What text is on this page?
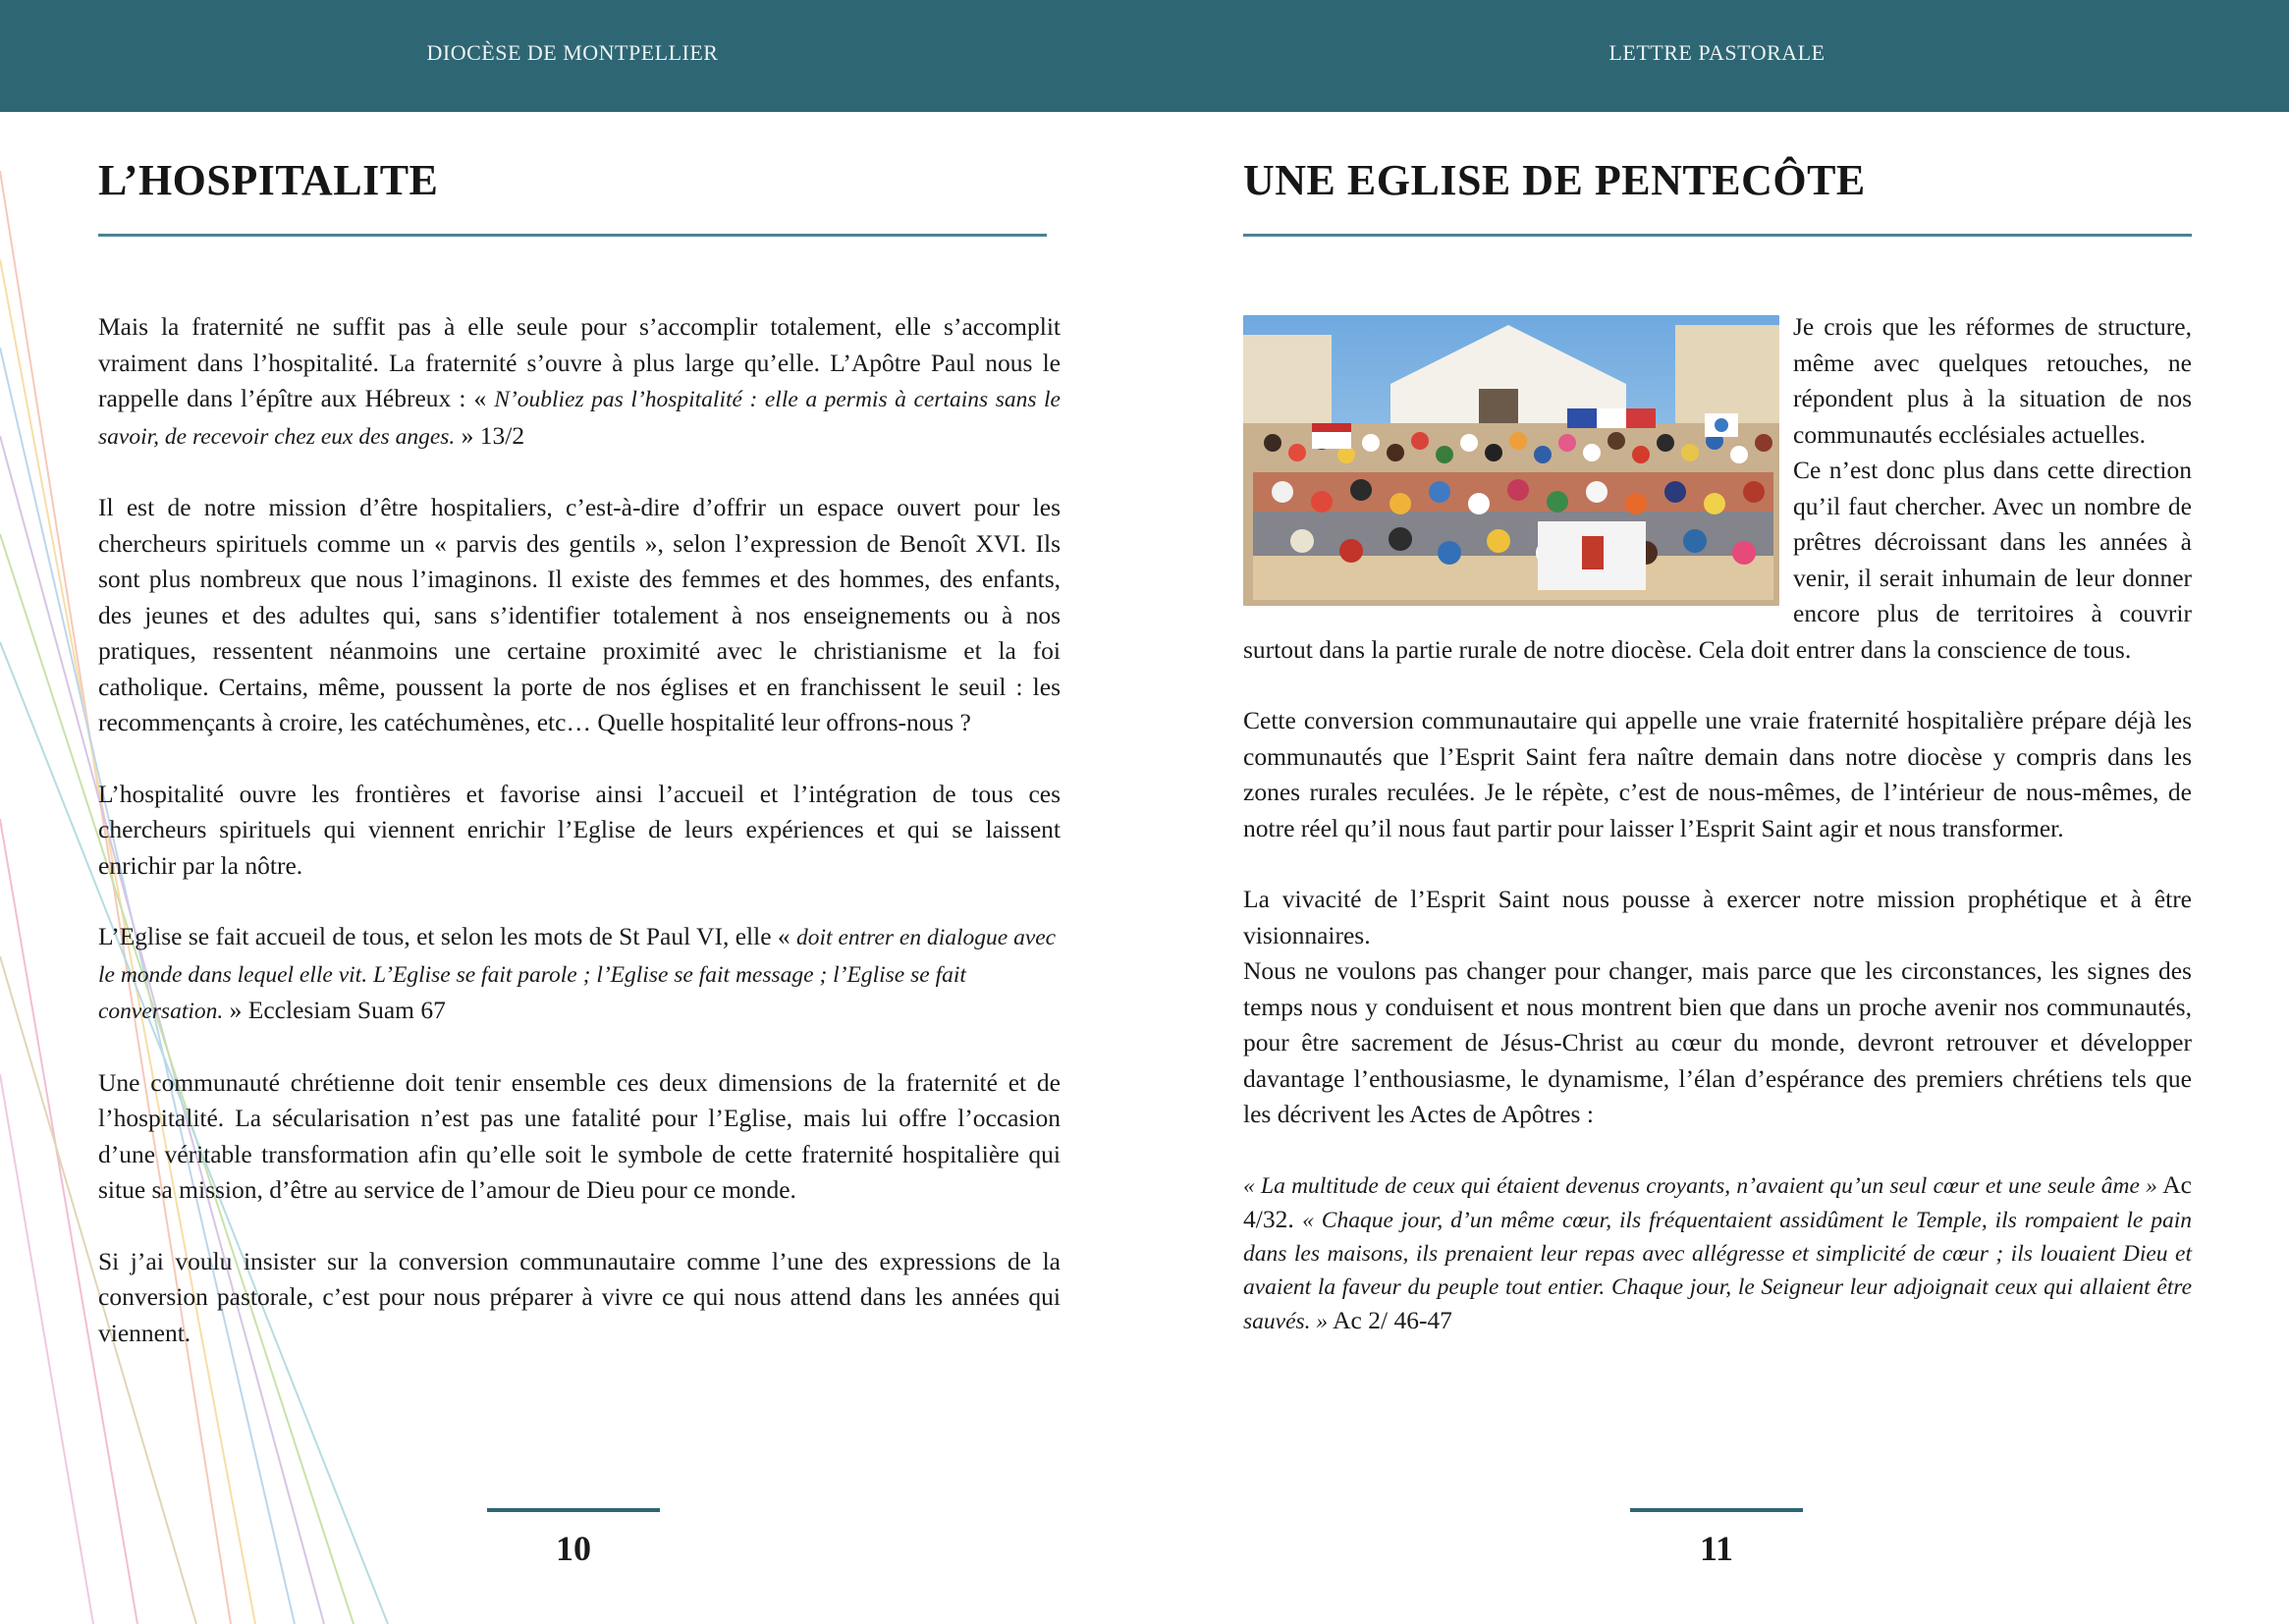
DIOCÈSE DE MONTPELLIER
L’HOSPITALITE

Mais la fraternité ne suffit pas à elle seule pour s’accomplir totalement, elle s’accomplit vraiment dans l’hospitalité. La fraternité s’ouvre à plus large qu’elle. L’Apôtre Paul nous le rappelle dans l’épître aux Hébreux : « N’oubliez pas l’hospitalité : elle a permis à certains sans le savoir, de recevoir chez eux des anges. » 13/2

Il est de notre mission d’être hospitaliers, c’est-à-dire d’offrir un espace ouvert pour les chercheurs spirituels comme un « parvis des gentils », selon l’expression de Benoît XVI. Ils sont plus nombreux que nous l’imaginons. Il existe des femmes et des hommes, des enfants, des jeunes et des adultes qui, sans s’identifier totalement à nos enseignements ou à nos pratiques, ressentent néanmoins une certaine proximité avec le christianisme et la foi catholique. Certains, même, poussent la porte de nos églises et en franchissent le seuil : les recommençants à croire, les catéchumènes, etc… Quelle hospitalité leur offrons-nous ?

L’hospitalité ouvre les frontières et favorise ainsi l’accueil et l’intégration de tous ces chercheurs spirituels qui viennent enrichir l’Eglise de leurs expériences et qui se laissent enrichir par la nôtre.

L’Eglise se fait accueil de tous, et selon les mots de St Paul VI, elle « doit entrer en dialogue avec le monde dans lequel elle vit. L’Eglise se fait parole ; l’Eglise se fait message ; l’Eglise se fait conversation. » Ecclesiam Suam 67

Une communauté chrétienne doit tenir ensemble ces deux dimensions de la fraternité et de l’hospitalité. La sécularisation n’est pas une fatalité pour l’Eglise, mais lui offre l’occasion d’une véritable transformation afin qu’elle soit le symbole de cette fraternité hospitalière qui situe sa mission, d’être au service de l’amour de Dieu pour ce monde.

Si j’ai voulu insister sur la conversion communautaire comme l’une des expressions de la conversion pastorale, c’est pour nous préparer à vivre ce qui nous attend dans les années qui viennent.

10
LETTRE PASTORALE
UNE EGLISE DE PENTECÔTE

Je crois que les réformes de structure, même avec quelques retouches, ne répondent plus à la situation de nos communautés ecclésiales actuelles.

Ce n’est donc plus dans cette direction qu’il faut chercher. Avec un nombre de prêtres décroissant dans les années à venir, il serait inhumain de leur donner encore plus de territoires à couvrir surtout dans la partie rurale de notre diocèse. Cela doit entrer dans la conscience de tous.

Cette conversion communautaire qui appelle une vraie fraternité hospitalière prépare déjà les communautés que l’Esprit Saint fera naître demain dans notre diocèse y compris dans les zones rurales reculées. Je le répète, c’est de nous-mêmes, de l’intérieur de nous-mêmes, de notre réel qu’il nous faut partir pour laisser l’Esprit Saint agir et nous transformer.

La vivacité de l’Esprit Saint nous pousse à exercer notre mission prophétique et à être visionnaires.

Nous ne voulons pas changer pour changer, mais parce que les circonstances, les signes des temps nous y conduisent et nous montrent bien que dans un proche avenir nos communautés, pour être sacrement de Jésus-Christ au cœur du monde, devront retrouver et développer davantage l’enthousiasme, le dynamisme, l’élan d’espérance des premiers chrétiens tels que les décrivent les Actes de Apôtres :

« La multitude de ceux qui étaient devenus croyants, n’avaient qu’un seul cœur et une seule âme » Ac 4/32. « Chaque jour, d’un même cœur, ils fréquentaient assidûment le Temple, ils rompaient le pain dans les maisons, ils prenaient leur repas avec allégresse et simplicité de cœur ; ils louaient Dieu et avaient la faveur du peuple tout entier. Chaque jour, le Seigneur leur adjoignait ceux qui allaient être sauvés. » Ac 2/ 46-47

11
